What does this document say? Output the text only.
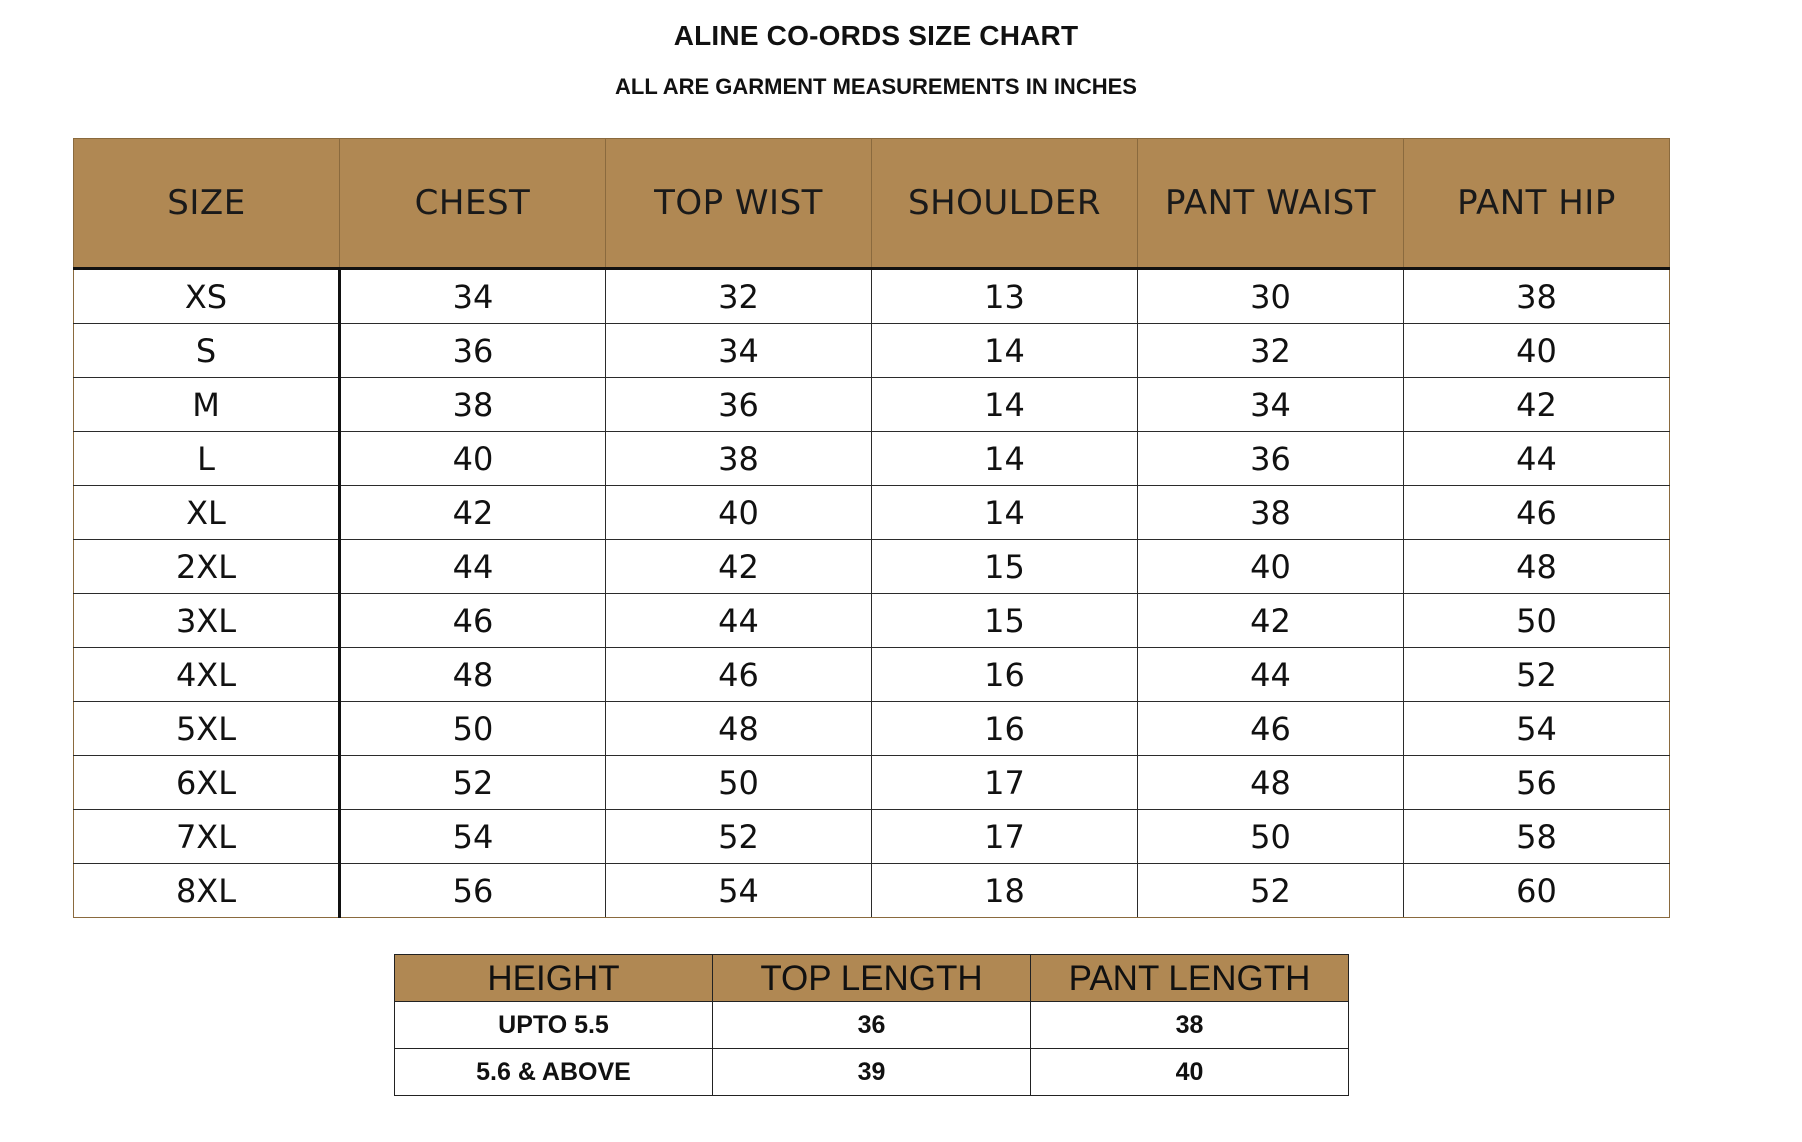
ALINE CO-ORDS SIZE CHART
ALL ARE GARMENT MEASUREMENTS IN INCHES
SIZE	CHEST	TOP WIST	SHOULDER	PANT WAIST	PANT HIP
XS	34	32	13	30	38
S	36	34	14	32	40
M	38	36	14	34	42
L	40	38	14	36	44
XL	42	40	14	38	46
2XL	44	42	15	40	48
3XL	46	44	15	42	50
4XL	48	46	16	44	52
5XL	50	48	16	46	54
6XL	52	50	17	48	56
7XL	54	52	17	50	58
8XL	56	54	18	52	60
HEIGHT	TOP LENGTH	PANT LENGTH
UPTO 5.5	36	38
5.6 & ABOVE	39	40
